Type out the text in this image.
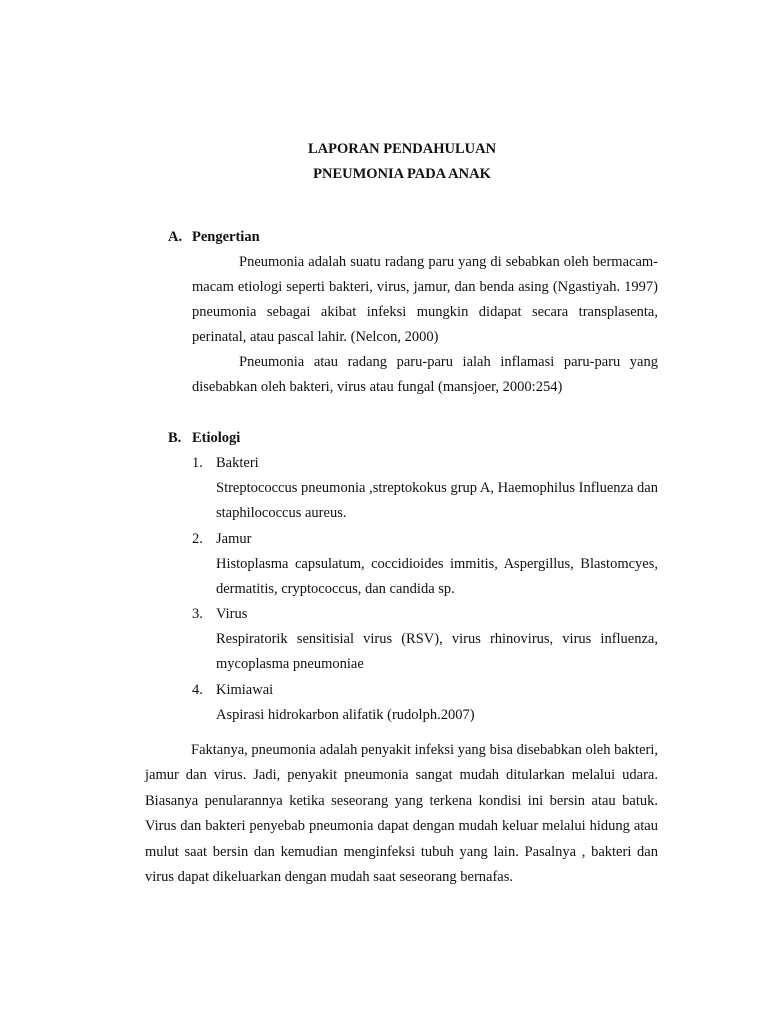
LAPORAN PENDAHULUAN
PNEUMONIA PADA ANAK
A. Pengertian

Pneumonia adalah suatu radang paru yang di sebabkan oleh bermacam-macam etiologi seperti bakteri, virus, jamur, dan benda asing (Ngastiyah. 1997) pneumonia sebagai akibat infeksi mungkin didapat secara transplasenta, perinatal, atau pascal lahir. (Nelcon, 2000)

Pneumonia atau radang paru-paru ialah inflamasi paru-paru yang disebabkan oleh bakteri, virus atau fungal (mansjoer, 2000:254)

B. Etiologi
1. Bakteri

Streptococcus pneumonia ,streptokokus grup A, Haemophilus Influenza dan staphilococcus aureus.

2. Jamur

Histoplasma capsulatum, coccidioides immitis, Aspergillus, Blastomcyes, dermatitis, cryptococcus, dan candida sp.

3. Virus

Respiratorik sensitisial virus (RSV), virus rhinovirus, virus influenza, mycoplasma pneumoniae

4. Kimiawai

Aspirasi hidrokarbon alifatik (rudolph.2007)

Faktanya, pneumonia adalah penyakit infeksi yang bisa disebabkan oleh bakteri, jamur dan virus. Jadi, penyakit pneumonia sangat mudah ditularkan melalui udara. Biasanya penularannya ketika seseorang yang terkena kondisi ini bersin atau batuk. Virus dan bakteri penyebab pneumonia dapat dengan mudah keluar melalui hidung atau mulut saat bersin dan kemudian menginfeksi tubuh yang lain. Pasalnya , bakteri dan virus dapat dikeluarkan dengan mudah saat seseorang bernafas.
